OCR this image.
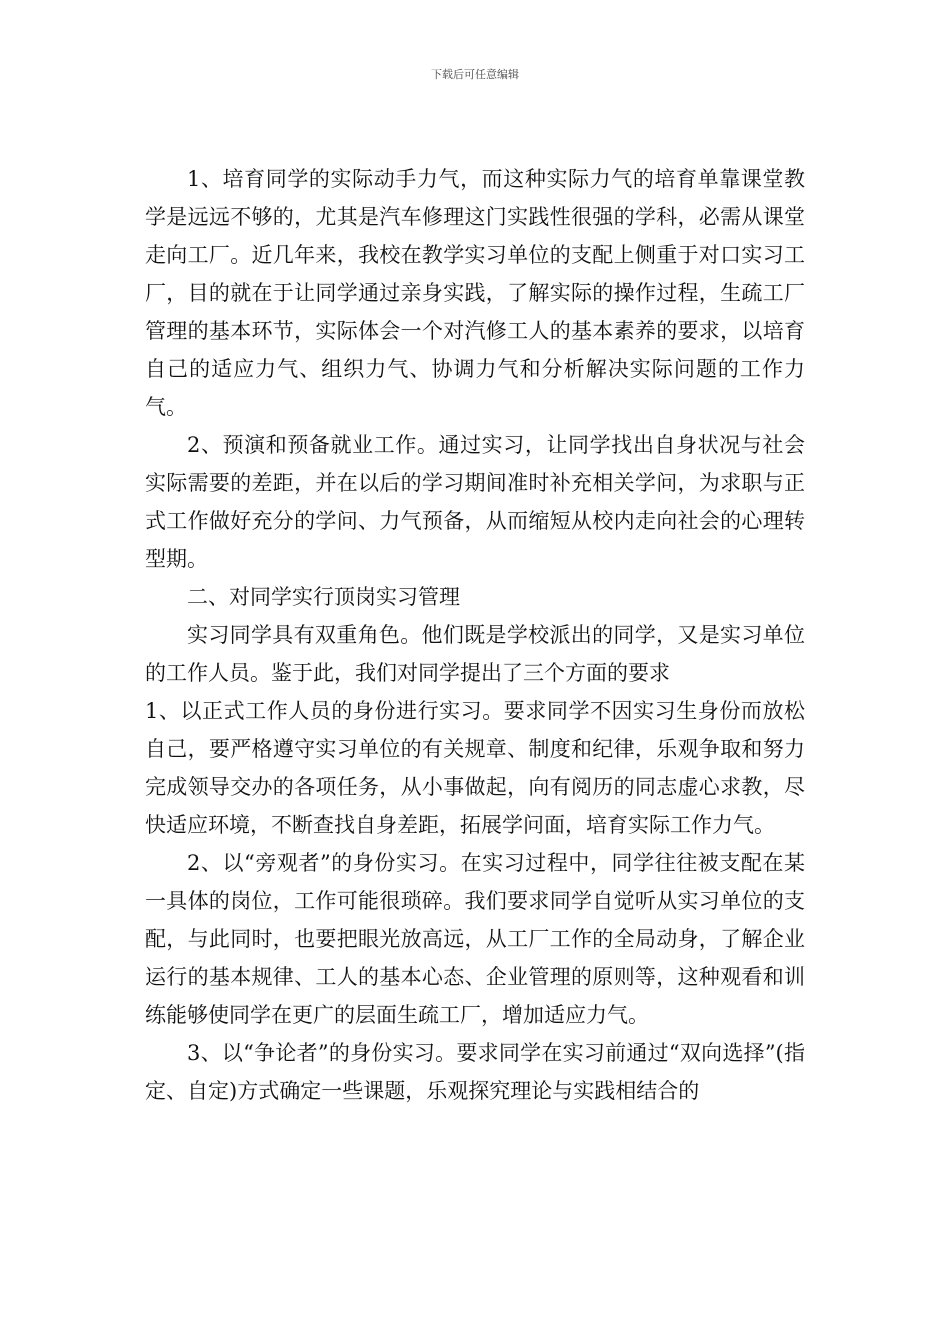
下载后可任意编辑

1、培育同学的实际动手力气，而这种实际力气的培育单靠课堂教学是远远不够的，尤其是汽车修理这门实践性很强的学科，必需从课堂走向工厂。近几年来，我校在教学实习单位的支配上侧重于对口实习工厂，目的就在于让同学通过亲身实践，了解实际的操作过程，生疏工厂管理的基本环节，实际体会一个对汽修工人的基本素养的要求，以培育自己的适应力气、组织力气、协调力气和分析解决实际问题的工作力气。

2、预演和预备就业工作。通过实习，让同学找出自身状况与社会实际需要的差距，并在以后的学习期间准时补充相关学问，为求职与正式工作做好充分的学问、力气预备，从而缩短从校内走向社会的心理转型期。

二、对同学实行顶岗实习管理

实习同学具有双重角色。他们既是学校派出的同学，又是实习单位的工作人员。鉴于此，我们对同学提出了三个方面的要求

1、以正式工作人员的身份进行实习。要求同学不因实习生身份而放松自己，要严格遵守实习单位的有关规章、制度和纪律，乐观争取和努力完成领导交办的各项任务，从小事做起，向有阅历的同志虚心求教，尽快适应环境，不断查找自身差距，拓展学问面，培育实际工作力气。

2、以“旁观者”的身份实习。在实习过程中，同学往往被支配在某一具体的岗位，工作可能很琐碎。我们要求同学自觉听从实习单位的支配，与此同时，也要把眼光放高远，从工厂工作的全局动身，了解企业运行的基本规律、工人的基本心态、企业管理的原则等，这种观看和训练能够使同学在更广的层面生疏工厂，增加适应力气。

3、以“争论者”的身份实习。要求同学在实习前通过“双向选择”(指定、自定)方式确定一些课题，乐观探究理论与实践相结合的
